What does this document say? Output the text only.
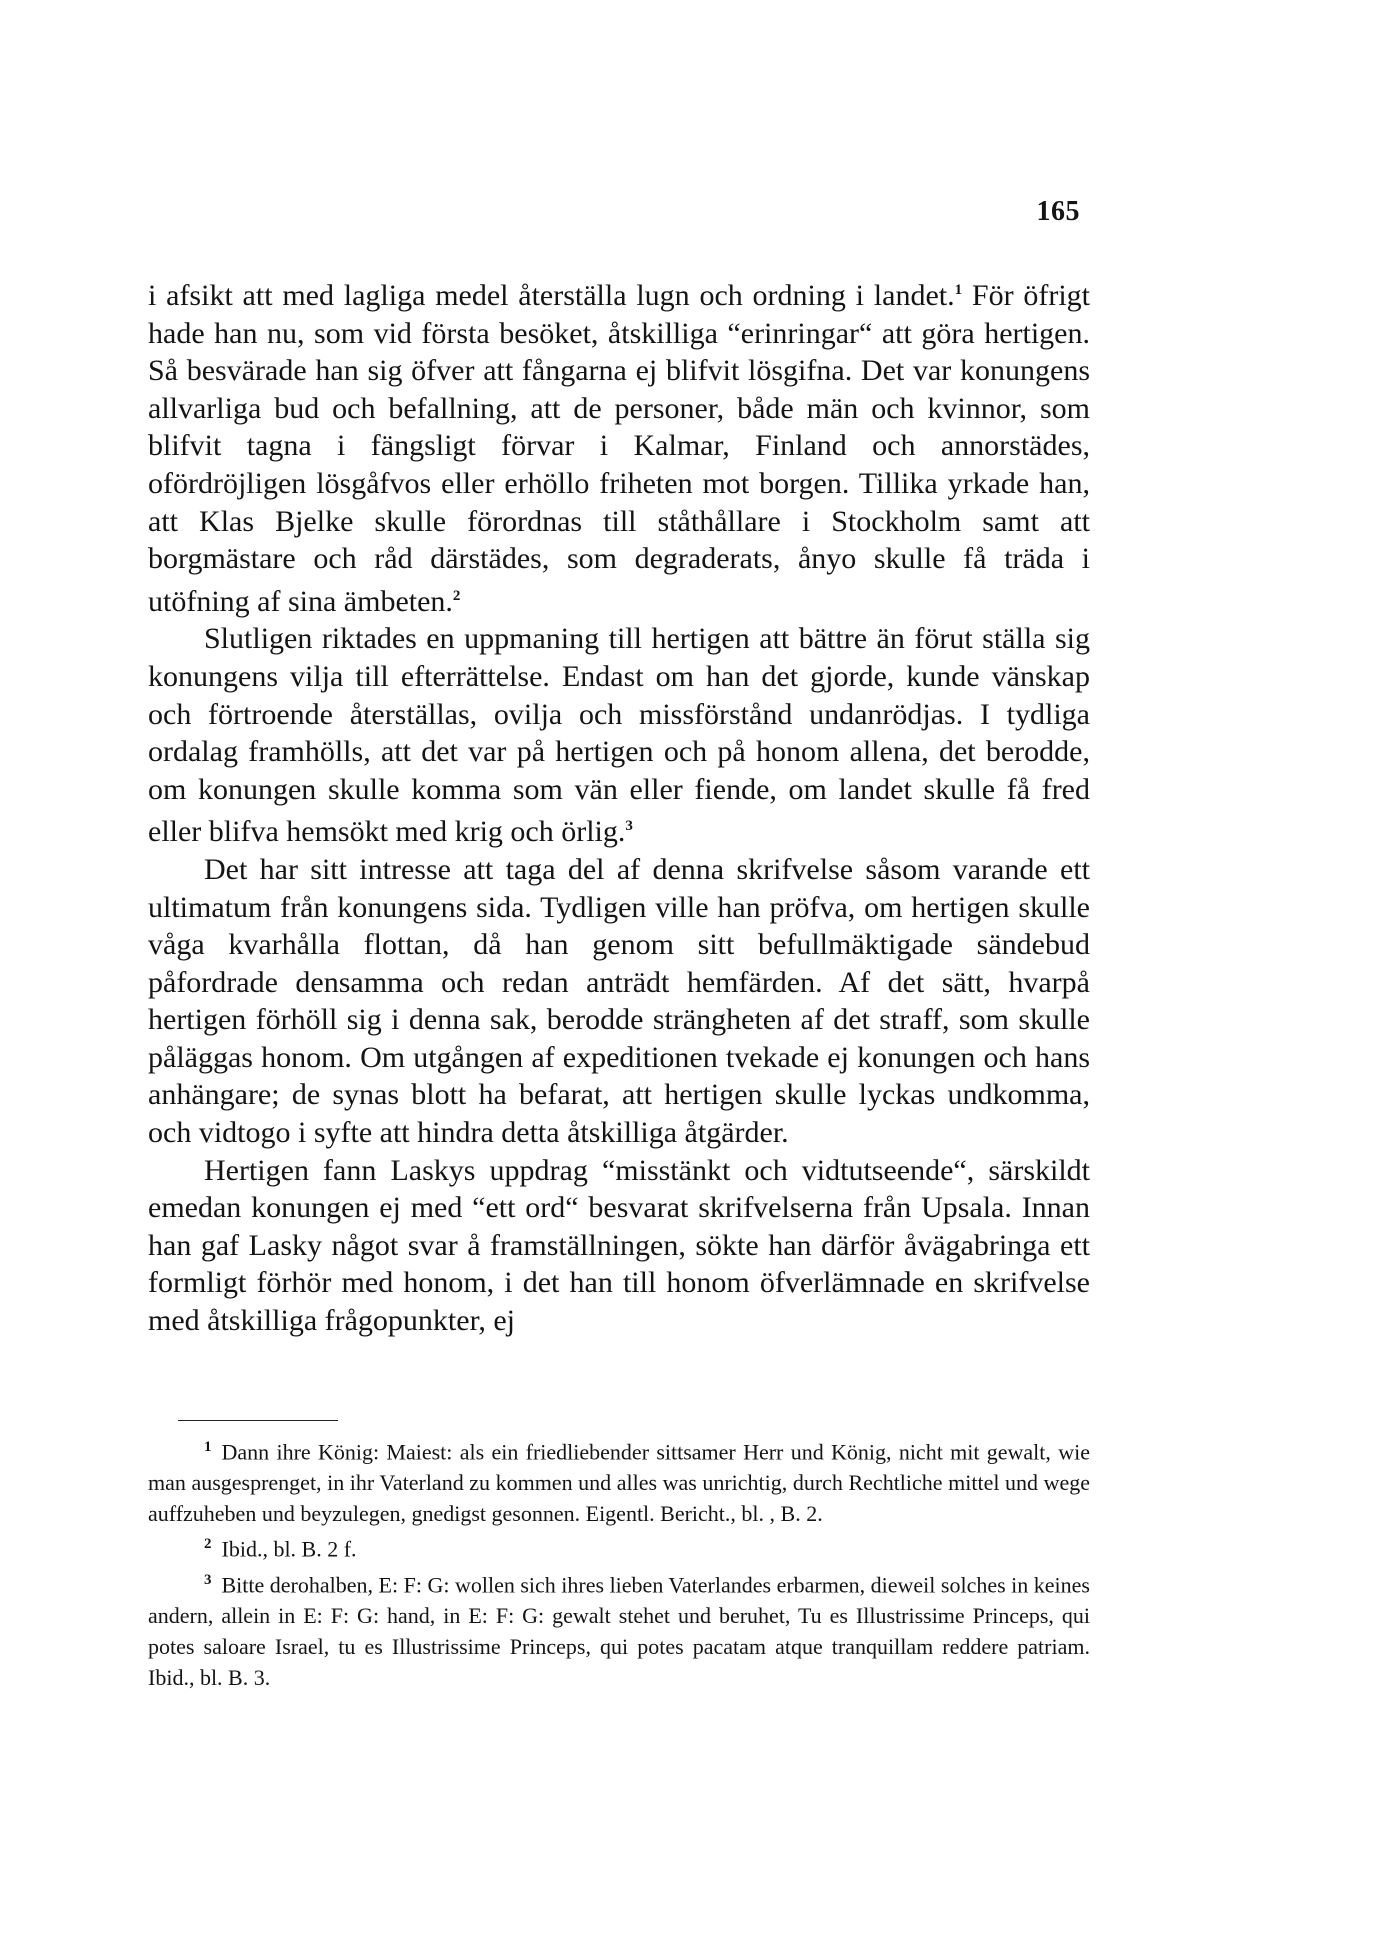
165

i afsikt att med lagliga medel återställa lugn och ordning i landet.$^1$ För öfrigt hade han nu, som vid första besöket, åtskilliga “erinringar“ att göra hertigen. Så besvärade han sig öfver att fångarna ej blifvit lösgifna. Det var konungens allvarliga bud och befallning, att de personer, både män och kvinnor, som blifvit tagna i fängsligt förvar i Kalmar, Finland och annorstädes, ofördröjligen lösgåfvos eller erhöllo friheten mot borgen. Tillika yrkade han, att Klas Bjelke skulle förordnas till ståthållare i Stockholm samt att borgmästare och råd därstädes, som degraderats, ånyo skulle få träda i utöfning af sina ämbeten.$^2$

Slutligen riktades en uppmaning till hertigen att bättre än förut ställa sig konungens vilja till efterrättelse. Endast om han det gjorde, kunde vänskap och förtroende återställas, ovilja och missförstånd undanrödjas. I tydliga ordalag framhölls, att det var på hertigen och på honom allena, det berodde, om konungen skulle komma som vän eller fiende, om landet skulle få fred eller blifva hemsökt med krig och örlig.$^3$

Det har sitt intresse att taga del af denna skrifvelse såsom varande ett ultimatum från konungens sida. Tydligen ville han pröfva, om hertigen skulle våga kvarhålla flottan, då han genom sitt befullmäktigade sändebud påfordrade densamma och redan anträdt hemfärden. Af det sätt, hvarpå hertigen förhöll sig i denna sak, berodde strängheten af det straff, som skulle påläggas honom. Om utgången af expeditionen tvekade ej konungen och hans anhängare; de synas blott ha befarat, att hertigen skulle lyckas undkomma, och vidtogo i syfte att hindra detta åtskilliga åtgärder.

Hertigen fann Laskys uppdrag “misstänkt och vidtutseende“, särskildt emedan konungen ej med “ett ord“ besvarat skrifvelserna från Upsala. Innan han gaf Lasky något svar å framställningen, sökte han därför åvägabringa ett formligt förhör med honom, i det han till honom öfverlämnade en skrifvelse med åtskilliga frågopunkter, ej

$^1$ Dann ihre König: Maiest: als ein friedliebender sittsamer Herr und König, nicht mit gewalt, wie man ausgesprenget, in ihr Vaterland zu kommen und alles was unrichtig, durch Rechtliche mittel und wege auffzuheben und beyzulegen, gnedigst gesonnen. Eigentl. Bericht., bl. , B. 2.

$^2$ Ibid., bl. B. 2 f.

$^3$ Bitte derohalben, E: F: G: wollen sich ihres lieben Vaterlandes erbarmen, dieweil solches in keines andern, allein in E: F: G: hand, in E: F: G: gewalt stehet und beruhet, Tu es Illustrissime Princeps, qui potes saloare Israel, tu es Illustrissime Princeps, qui potes pacatam atque tranquillam reddere patriam. Ibid., bl. B. 3.
